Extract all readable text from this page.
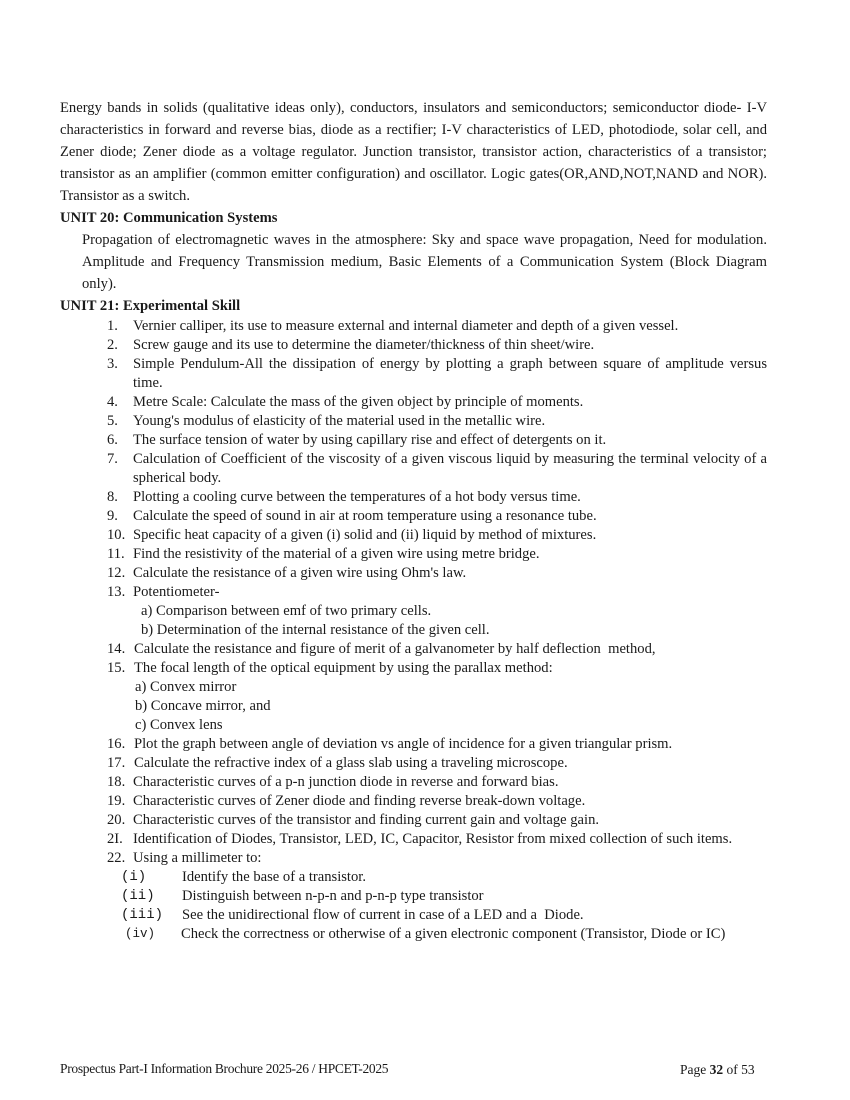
Energy bands in solids (qualitative ideas only), conductors, insulators and semiconductors; semiconductor diode- I-V characteristics in forward and reverse bias, diode as a rectifier; I-V characteristics of LED, photodiode, solar cell, and Zener diode; Zener diode as a voltage regulator. Junction transistor, transistor action, characteristics of a transistor; transistor as an amplifier (common emitter configuration) and oscillator. Logic gates(OR,AND,NOT,NAND and NOR). Transistor as a switch.

UNIT 20: Communication Systems

Propagation of electromagnetic waves in the atmosphere: Sky and space wave propagation, Need for modulation. Amplitude and Frequency Transmission medium, Basic Elements of a Communication System (Block Diagram only).

UNIT 21: Experimental Skill

1.	Vernier calliper, its use to measure external and internal diameter and depth of a given vessel.
2.	Screw gauge and its use to determine the diameter/thickness of thin sheet/wire.
3.	Simple Pendulum-All the dissipation of energy by plotting a graph between square of amplitude versus time.
4.	Metre Scale: Calculate the mass of the given object by principle of moments.
5.	Young's modulus of elasticity of the material used in the metallic wire.
6.	The surface tension of water by using capillary rise and effect of detergents on it.
7.	Calculation of Coefficient of the viscosity of a given viscous liquid by measuring the terminal velocity of a spherical body.
8.	Plotting a cooling curve between the temperatures of a hot body versus time.
9.	Calculate the speed of sound in air at room temperature using a resonance tube.
10. Specific heat capacity of a given (i) solid and (ii) liquid by method of mixtures.
11. Find the resistivity of the material of a given wire using metre bridge.
12. Calculate the resistance of a given wire using Ohm's law.
13. Potentiometer-
a) Comparison between emf of two primary cells.
b) Determination of the internal resistance of the given cell.
14. Calculate the resistance and figure of merit of a galvanometer by half deflection  method,
15. The focal length of the optical equipment by using the parallax method:
a) Convex mirror
b) Concave mirror, and
c) Convex lens
16. Plot the graph between angle of deviation vs angle of incidence for a given triangular prism.
17. Calculate the refractive index of a glass slab using a traveling microscope.
18. Characteristic curves of a p-n junction diode in reverse and forward bias.
19. Characteristic curves of Zener diode and finding reverse break-down voltage.
20. Characteristic curves of the transistor and finding current gain and voltage gain.
2I. Identification of Diodes, Transistor, LED, IC, Capacitor, Resistor from mixed collection of such items.
22. Using a millimeter to:
(i)	Identify the base of a transistor.
(ii)	Distinguish between n-p-n and p-n-p type transistor
(iii)	See the unidirectional flow of current in case of a LED and a  Diode.
(iv)	Check the correctness or otherwise of a given electronic component (Transistor, Diode or IC)
Prospectus Part-I Information Brochure 2025-26 / HPCET-2025	Page 32 of 53
